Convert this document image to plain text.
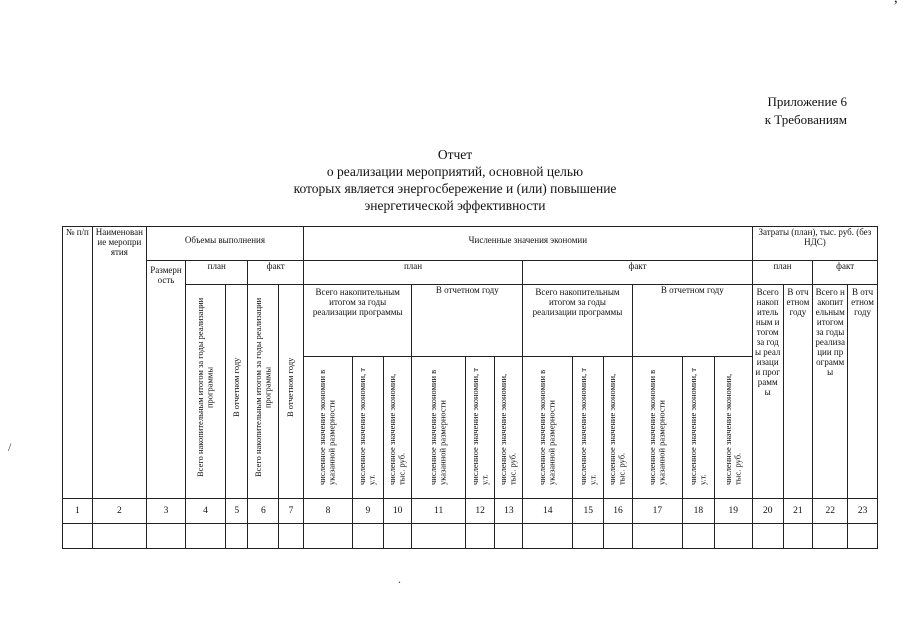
Приложение 6
к Требованиям
Отчет
о реализации мероприятий, основной целью
которых является энергосбережение и (или) повышение
энергетической эффективности
’
/
.
№ п/п	Наименование мероприятия	Объемы выполнения					Численные значения экономии												Затраты (план), тыс. руб. (без НДС)			
		Размерность	план		факт		план						факт						план		факт	
			Всего накопительным итогом за годы реализации программы	В отчетном году	Всего накопительным итогом за годы реализации программы	В отчетном году	Всего накопительным итогом за годы реализации программы			В отчетном году			Всего накопительным итогом за годы реализации программы			В отчетном году			Всего накопительным итогом за годы реализации программы	В отчетном году	Всего накопительным итогом за годы реализации программы	В отчетном году
							численное значение экономии в указанной размерности	численное значение экономии, т у.т.	численное значение экономии, тыс. руб.	численное значение экономии в указанной размерности	численное значение экономии, т у.т.	численное значение экономии, тыс. руб.	численное значение экономии в указанной размерности	численное значение экономии, т у.т.	численное значение экономии, тыс. руб.	численное значение экономии в указанной размерности	численное значение экономии, т у.т.	численное значение экономии, тыс. руб.				
1	2	3	4	5	6	7	8	9	10	11	12	13	14	15	16	17	18	19	20	21	22	23
